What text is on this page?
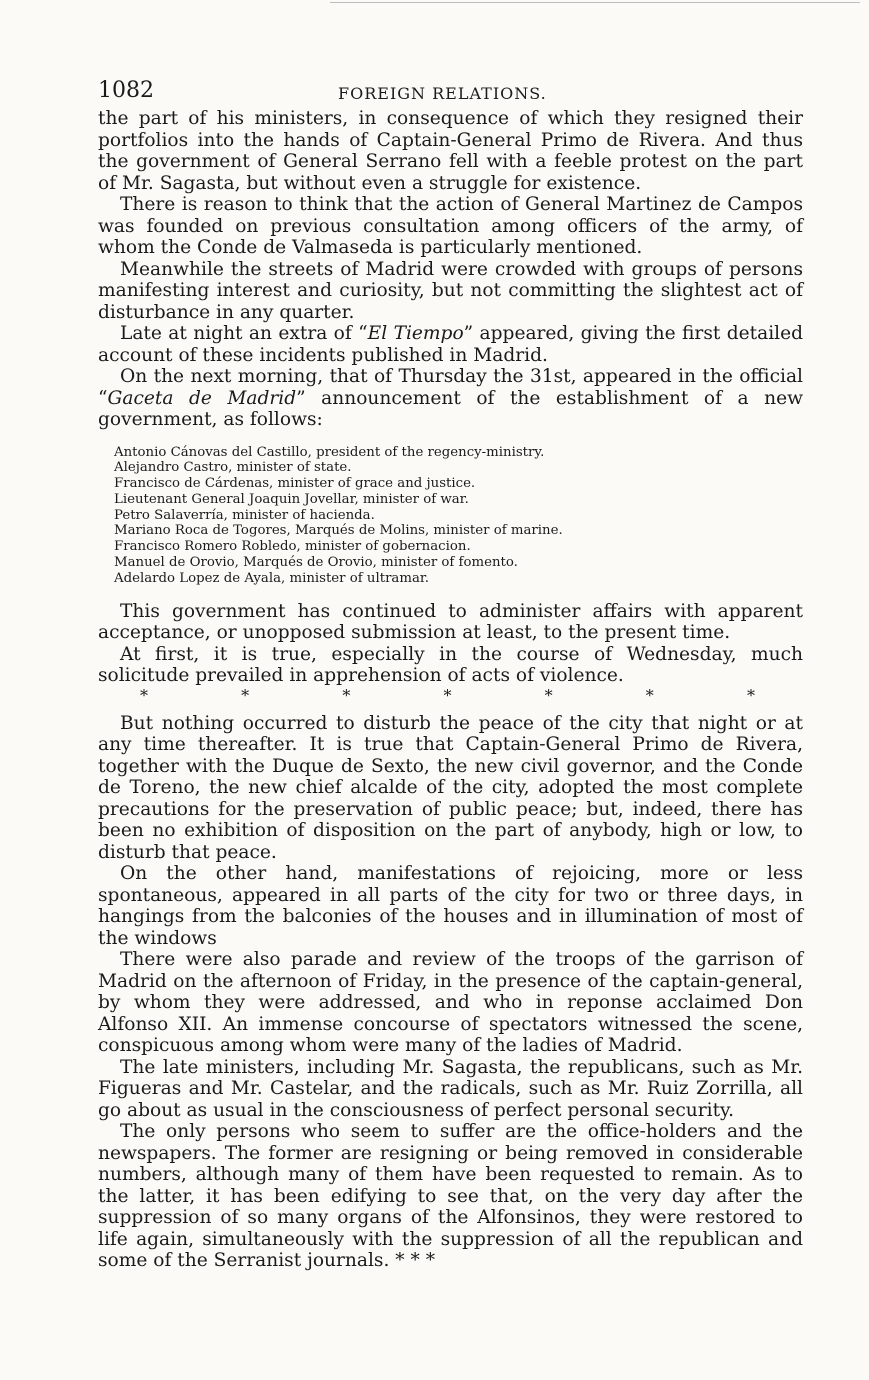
1082	FOREIGN RELATIONS.

the part of his ministers, in consequence of which they resigned their portfolios into the hands of Captain-General Primo de Rivera. And thus the government of General Serrano fell with a feeble protest on the part of Mr. Sagasta, but without even a struggle for existence.

There is reason to think that the action of General Martinez de Campos was founded on previous consultation among officers of the army, of whom the Conde de Valmaseda is particularly mentioned.

Meanwhile the streets of Madrid were crowded with groups of persons manifesting interest and curiosity, but not committing the slightest act of disturbance in any quarter.

Late at night an extra of “El Tiempo” appeared, giving the first detailed account of these incidents published in Madrid.

On the next morning, that of Thursday the 31st, appeared in the official “Gaceta de Madrid” announcement of the establishment of a new government, as follows:

Antonio Cánovas del Castillo, president of the regency-ministry.
Alejandro Castro, minister of state.
Francisco de Cárdenas, minister of grace and justice.
Lieutenant General Joaquin Jovellar, minister of war.
Petro Salaverría, minister of hacienda.
Mariano Roca de Togores, Marqués de Molins, minister of marine.
Francisco Romero Robledo, minister of gobernacion.
Manuel de Orovio, Marqués de Orovio, minister of fomento.
Adelardo Lopez de Ayala, minister of ultramar.

This government has continued to administer affairs with apparent acceptance, or unopposed submission at least, to the present time.

At first, it is true, especially in the course of Wednesday, much solicitude prevailed in apprehension of acts of violence.

*	*	*	*	*	*	*

But nothing occurred to disturb the peace of the city that night or at any time thereafter. It is true that Captain-General Primo de Rivera, together with the Duque de Sexto, the new civil governor, and the Conde de Toreno, the new chief alcalde of the city, adopted the most complete precautions for the preservation of public peace; but, indeed, there has been no exhibition of disposition on the part of anybody, high or low, to disturb that peace.

On the other hand, manifestations of rejoicing, more or less spontaneous, appeared in all parts of the city for two or three days, in hangings from the balconies of the houses and in illumination of most of the windows

There were also parade and review of the troops of the garrison of Madrid on the afternoon of Friday, in the presence of the captain-general, by whom they were addressed, and who in reponse acclaimed Don Alfonso XII. An immense concourse of spectators witnessed the scene, conspicuous among whom were many of the ladies of Madrid.

The late ministers, including Mr. Sagasta, the republicans, such as Mr. Figueras and Mr. Castelar, and the radicals, such as Mr. Ruiz Zorrilla, all go about as usual in the consciousness of perfect personal security.

The only persons who seem to suffer are the office-holders and the newspapers. The former are resigning or being removed in considerable numbers, although many of them have been requested to remain. As to the latter, it has been edifying to see that, on the very day after the suppression of so many organs of the Alfonsinos, they were restored to life again, simultaneously with the suppression of all the republican and some of the Serranist journals. * * *
